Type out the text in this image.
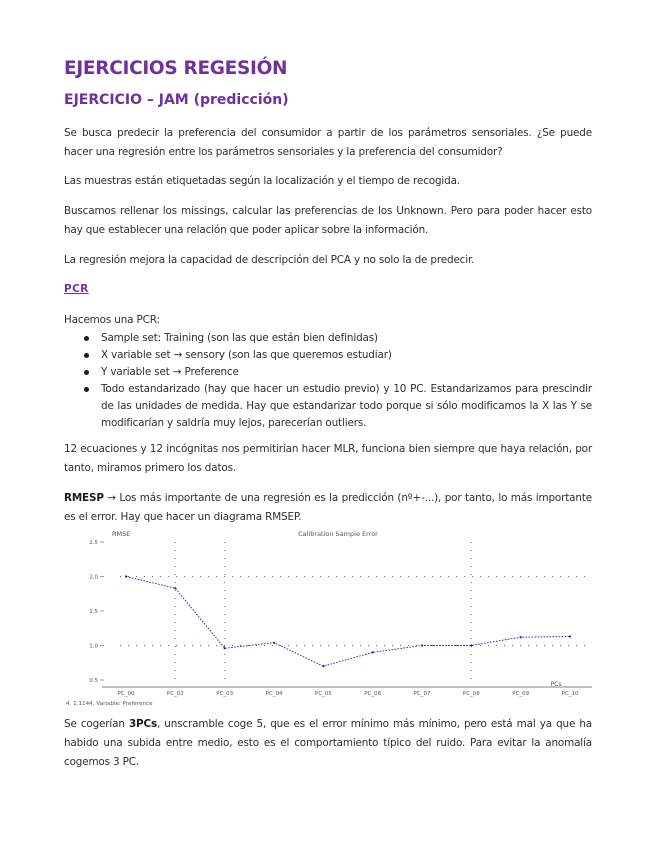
EJERCICIOS REGESIÓN
EJERCICIO – JAM (predicción)

Se busca predecir la preferencia del consumidor a partir de los parámetros sensoriales. ¿Se puede hacer una regresión entre los parámetros sensoriales y la preferencia del consumidor?

Las muestras están etiquetadas según la localización y el tiempo de recogida.

Buscamos rellenar los missings, calcular las preferencias de los Unknown. Pero para poder hacer esto hay que establecer una relación que poder aplicar sobre la información.

La regresión mejora la capacidad de descripción del PCA y no solo la de predecir.

PCR

Hacemos una PCR:

Sample set: Training (son las que están bien definidas)
X variable set → sensory (son las que queremos estudiar)
Y variable set → Preference
Todo estandarizado (hay que hacer un estudio previo) y 10 PC. Estandarizamos para prescindir de las unidades de medida. Hay que estandarizar todo porque si sólo modificamos la X las Y se modificarían y saldría muy lejos, parecerían outliers.

12 ecuaciones y 12 incógnitas nos permitirían hacer MLR, funciona bien siempre que haya relación, por tanto, miramos primero los datos.

RMESP → Los más importante de una regresión es la predicción (nº+-...), por tanto, lo más importante es el error. Hay que hacer un diagrama RMSEP.

RMSE	Calibration Sample Error
2.5
2.0
1.5
1.0
0.5
PC_00	PC_02	PC_03	PC_04	PC_05	PC_06	PC_07	PC_08	PC_09	PC_10
PCs
4. 1.1144, Variable: Preference

Se cogerían 3PCs, unscramble coge 5, que es el error mínimo más mínimo, pero está mal ya que ha habido una subida entre medio, esto es el comportamiento típico del ruido. Para evitar la anomalía cogemos 3 PC.
